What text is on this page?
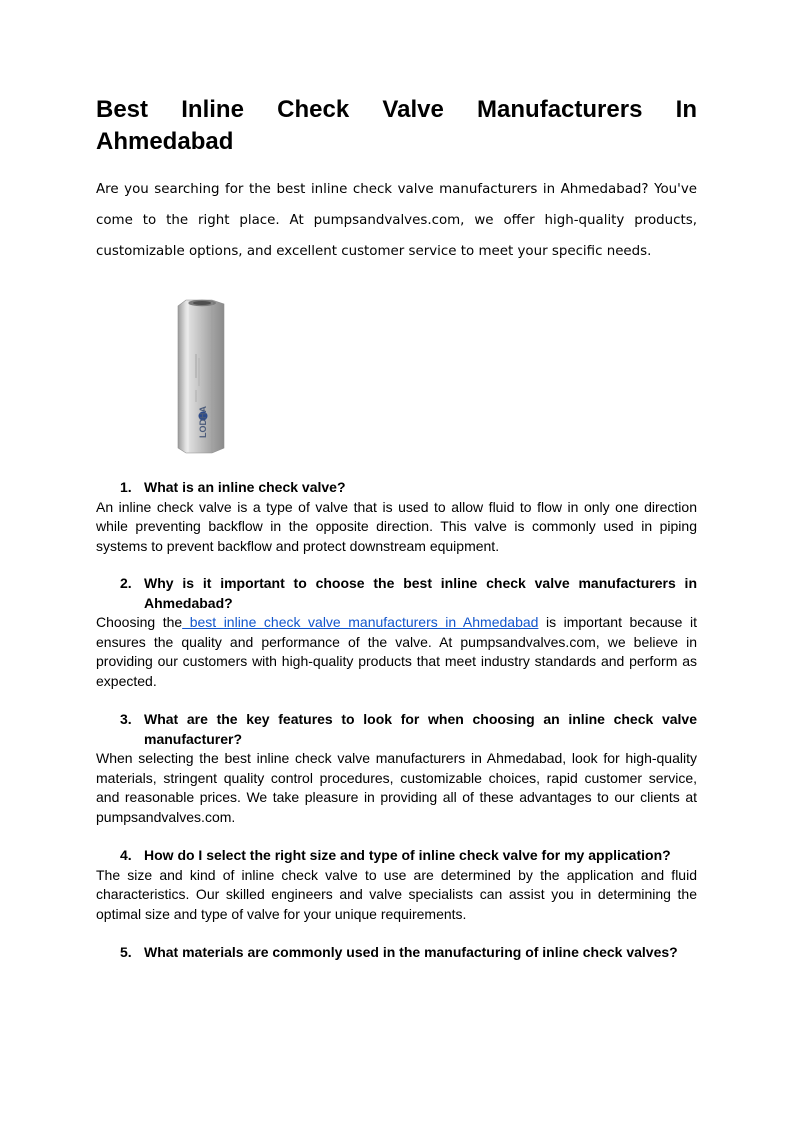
Best Inline Check Valve Manufacturers In Ahmedabad

Are you searching for the best inline check valve manufacturers in Ahmedabad? You've come to the right place. At pumpsandvalves.com, we offer high-quality products, customizable options, and excellent customer service to meet your specific needs.

LODHA

1. What is an inline check valve?

An inline check valve is a type of valve that is used to allow fluid to flow in only one direction while preventing backflow in the opposite direction. This valve is commonly used in piping systems to prevent backflow and protect downstream equipment.

2. Why is it important to choose the best inline check valve manufacturers in Ahmedabad?

Choosing the best inline check valve manufacturers in Ahmedabad is important because it ensures the quality and performance of the valve. At pumpsandvalves.com, we believe in providing our customers with high-quality products that meet industry standards and perform as expected.

3. What are the key features to look for when choosing an inline check valve manufacturer?

When selecting the best inline check valve manufacturers in Ahmedabad, look for high-quality materials, stringent quality control procedures, customizable choices, rapid customer service, and reasonable prices. We take pleasure in providing all of these advantages to our clients at pumpsandvalves.com.

4. How do I select the right size and type of inline check valve for my application?

The size and kind of inline check valve to use are determined by the application and fluid characteristics. Our skilled engineers and valve specialists can assist you in determining the optimal size and type of valve for your unique requirements.

5. What materials are commonly used in the manufacturing of inline check valves?
